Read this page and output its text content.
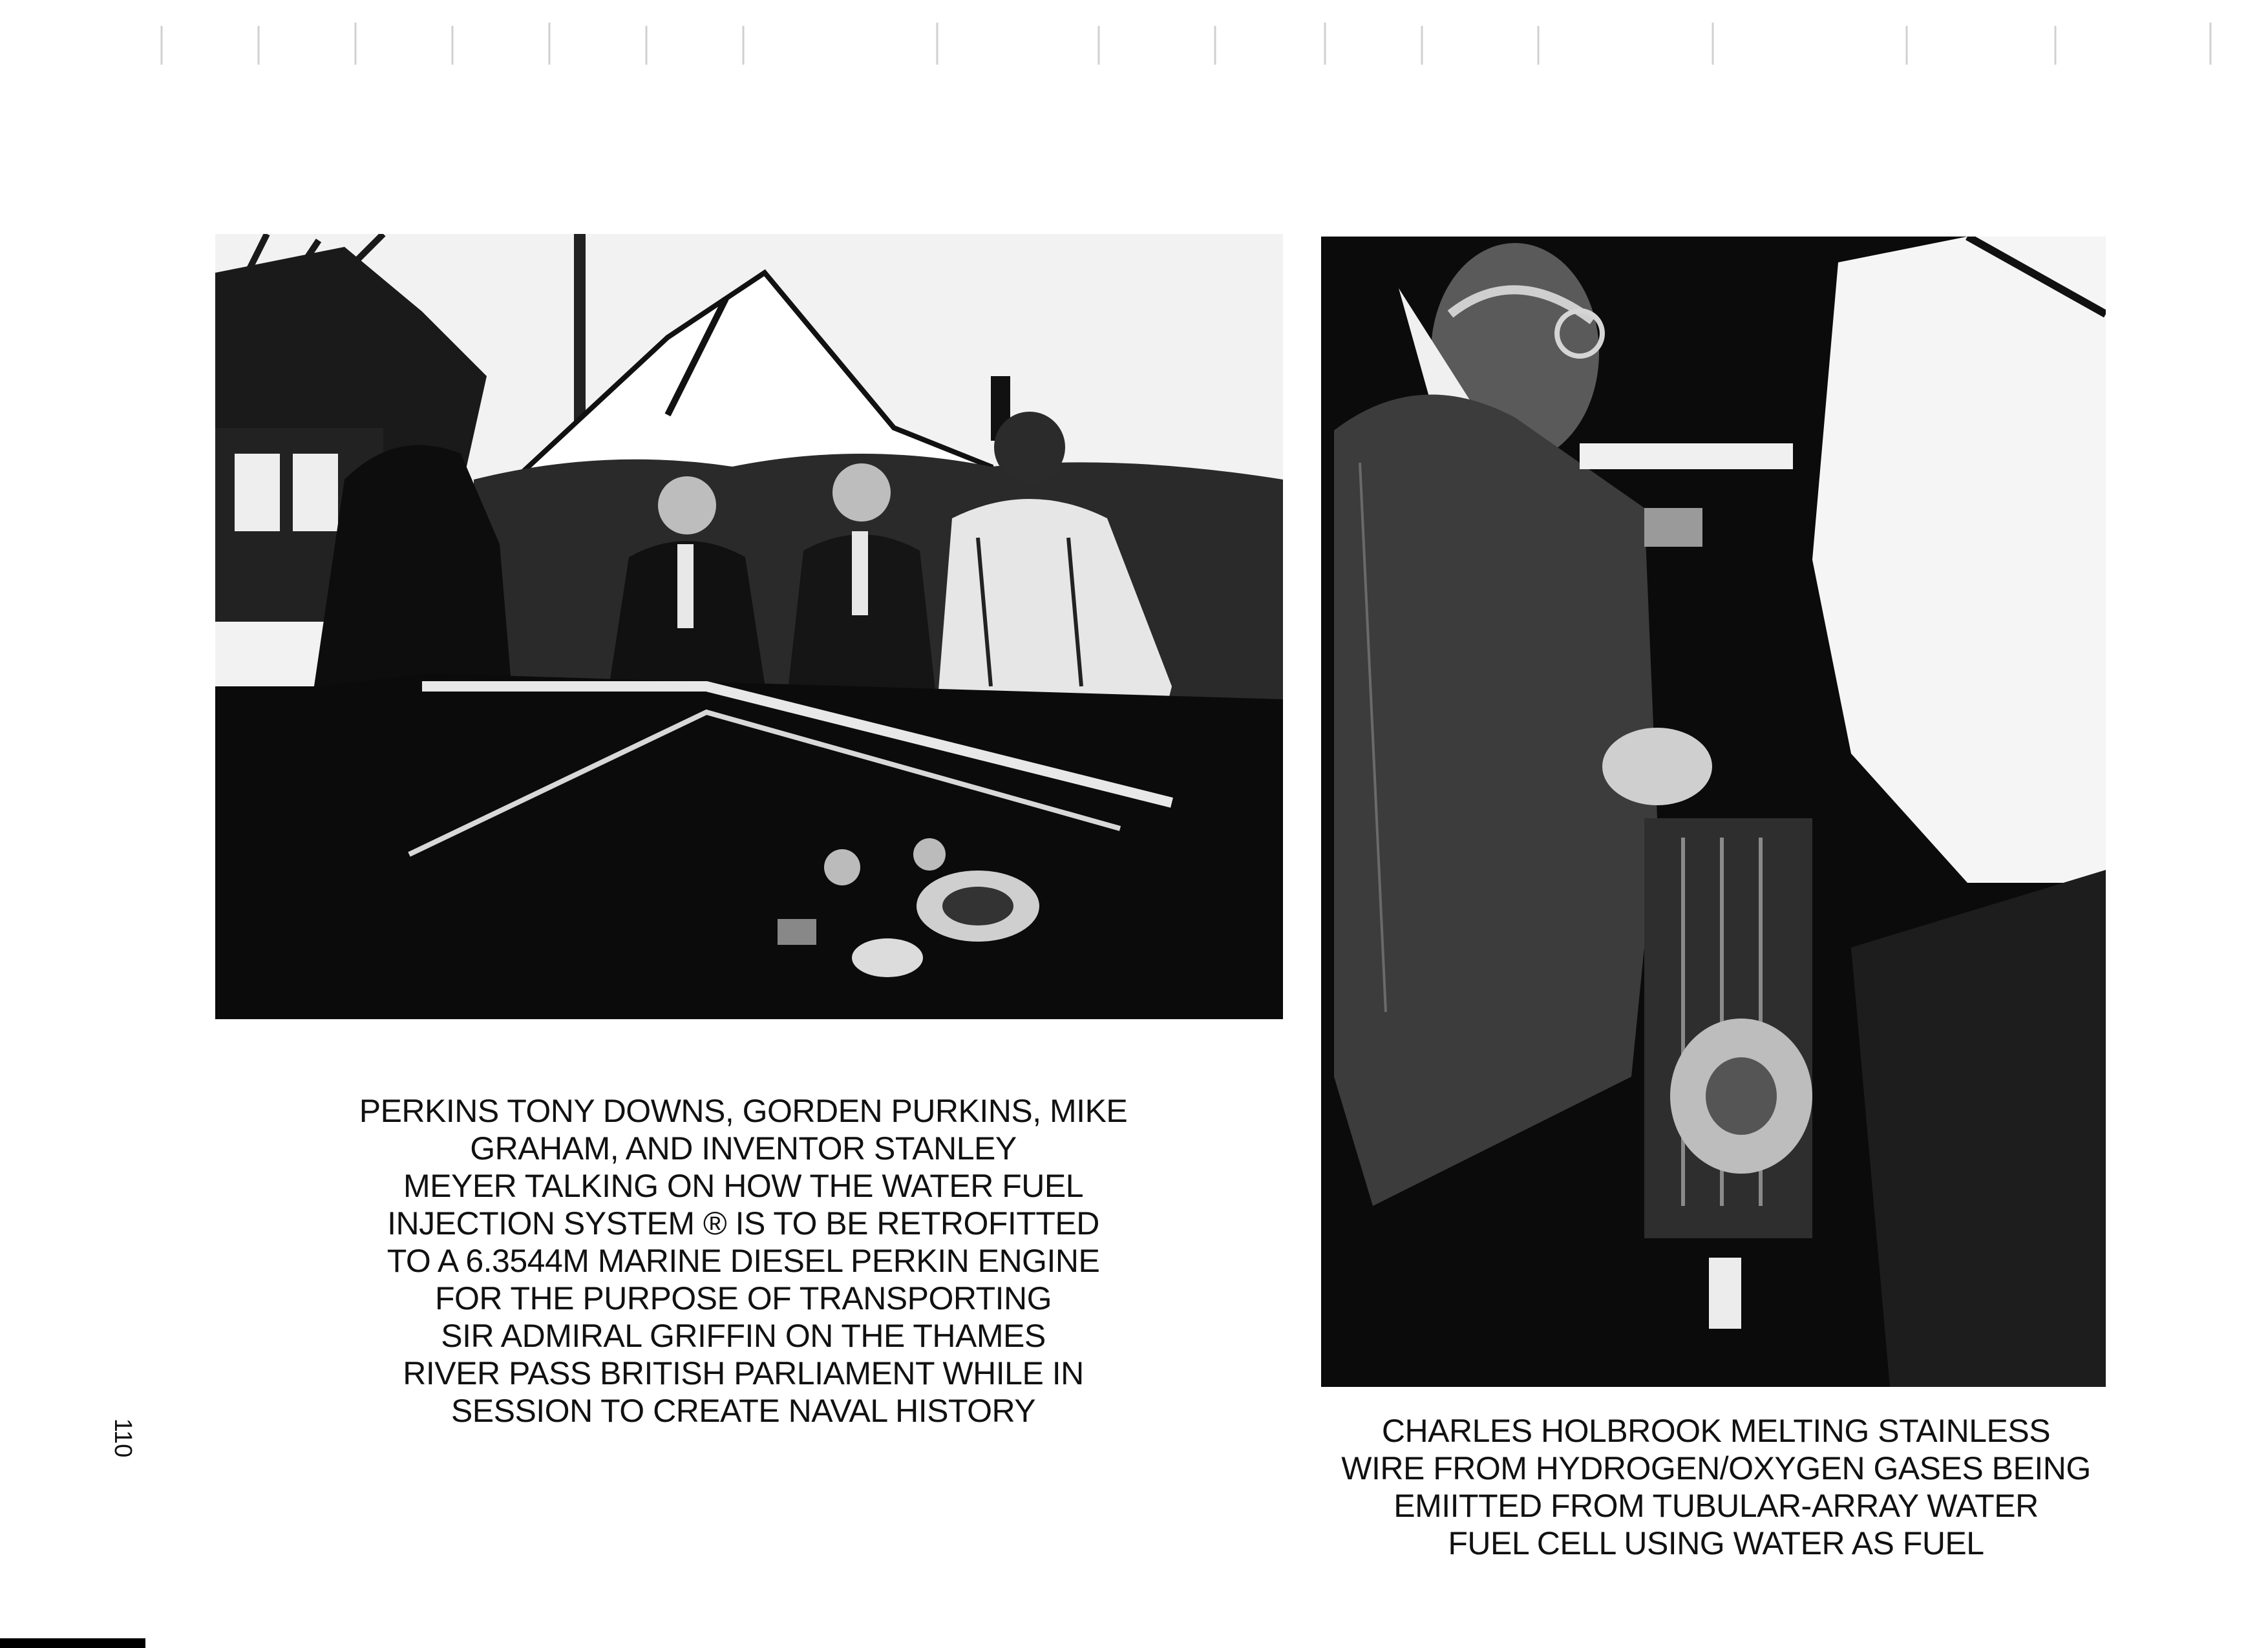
PERKINS TONY DOWNS, GORDEN PURKINS, MIKE
GRAHAM, AND INVENTOR STANLEY
MEYER TALKING ON HOW THE WATER FUEL
INJECTION SYSTEM ® IS TO BE RETROFITTED
TO A 6.3544M MARINE DIESEL PERKIN ENGINE
FOR THE PURPOSE OF TRANSPORTING
SIR ADMIRAL GRIFFIN ON THE THAMES
RIVER PASS BRITISH PARLIAMENT WHILE IN
SESSION TO CREATE NAVAL HISTORY
CHARLES HOLBROOK MELTING STAINLESS
WIRE FROM HYDROGEN/OXYGEN GASES BEING
EMIITTED FROM TUBULAR-ARRAY WATER
FUEL CELL USING WATER AS FUEL
110
